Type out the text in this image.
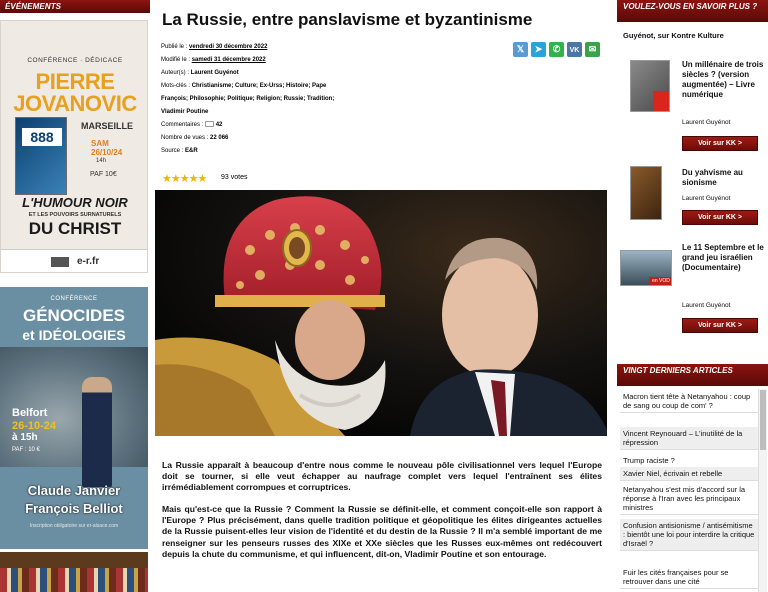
ÉVÉNEMENTS
CONFÉRENCE · DÉDICACE
PIERRE
JOVANOVIC
888
MARSEILLE
SAM
26/10/24
14h
PAF 10€
L'HUMOUR NOIR
ET LES POUVOIRS SURNATURELS
DU CHRIST
e-r.fr
CONFÉRENCE
GÉNOCIDES
et IDÉOLOGIES
Belfort
26-10-24
à 15h
PAF : 10 €
Claude Janvier
François Belliot
Inscription obligatoire sur er-alsace.com
La Russie, entre panslavisme et byzantinisme
Publié le : vendredi 30 décembre 2022
Modifié le : samedi 31 décembre 2022
Auteur(s) : Laurent Guyénot
Mots-clés : Christianisme; Culture; Ex-Urss; Histoire; Pape
François; Philosophie; Politique; Religion; Russie; Tradition;
Vladimir Poutine
Commentaires : 42
Nombre de vues : 22 066
Source : E&R
𝕏	➤	✆	VK	✉
★★★★★ 93 votes

La Russie apparaît à beaucoup d'entre nous comme le nouveau pôle civilisationnel vers lequel l'Europe doit se tourner, si elle veut échapper au naufrage complet vers lequel l'entraînent ses élites irrémédiablement corrompues et corruptrices.

Mais qu'est-ce que la Russie ? Comment la Russie se définit-elle, et comment conçoit-elle son rapport à l'Europe ? Plus précisément, dans quelle tradition politique et géopolitique les élites dirigeantes actuelles de la Russie puisent-elles leur vision de l'identité et du destin de la Russie ? Il m'a semblé important de me renseigner sur les penseurs russes des XIXe et XXe siècles que les Russes eux-mêmes ont redécouvert depuis la chute du communisme, et qui influencent, dit-on, Vladimir Poutine et son entourage.

VOULEZ-VOUS EN SAVOIR PLUS ?
Guyénot, sur Kontre Kulture
Un millénaire de trois siècles ? (version augmentée) – Livre numérique
Laurent Guyénot
Voir sur KK >
Du yahvisme au sionisme
Laurent Guyénot
Voir sur KK >
en VOD
Le 11 Septembre et le grand jeu israélien (Documentaire)
Laurent Guyénot
Voir sur KK >
VINGT DERNIERS ARTICLES
Macron tient tête à Netanyahou : coup de sang ou coup de com' ?
Vincent Reynouard – L'inutilité de la répression
Trump raciste ?
Xavier Niel, écrivain et rebelle
Netanyahou s'est mis d'accord sur la réponse à l'Iran avec les principaux ministres
Confusion antisionisme / antisémitisme : bientôt une loi pour interdire la critique d'Israël ?
Fuir les cités françaises pour se retrouver dans une cité
